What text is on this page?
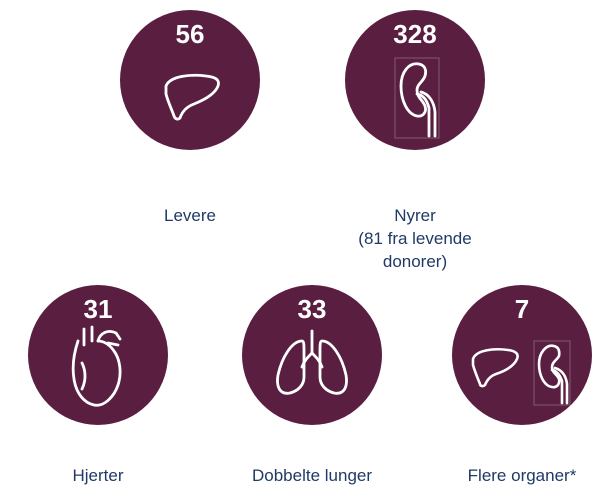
56
Levere
328
Nyrer
(81 fra levende
donorer)
31
Hjerter
33
Dobbelte lunger
7
Flere organer*
